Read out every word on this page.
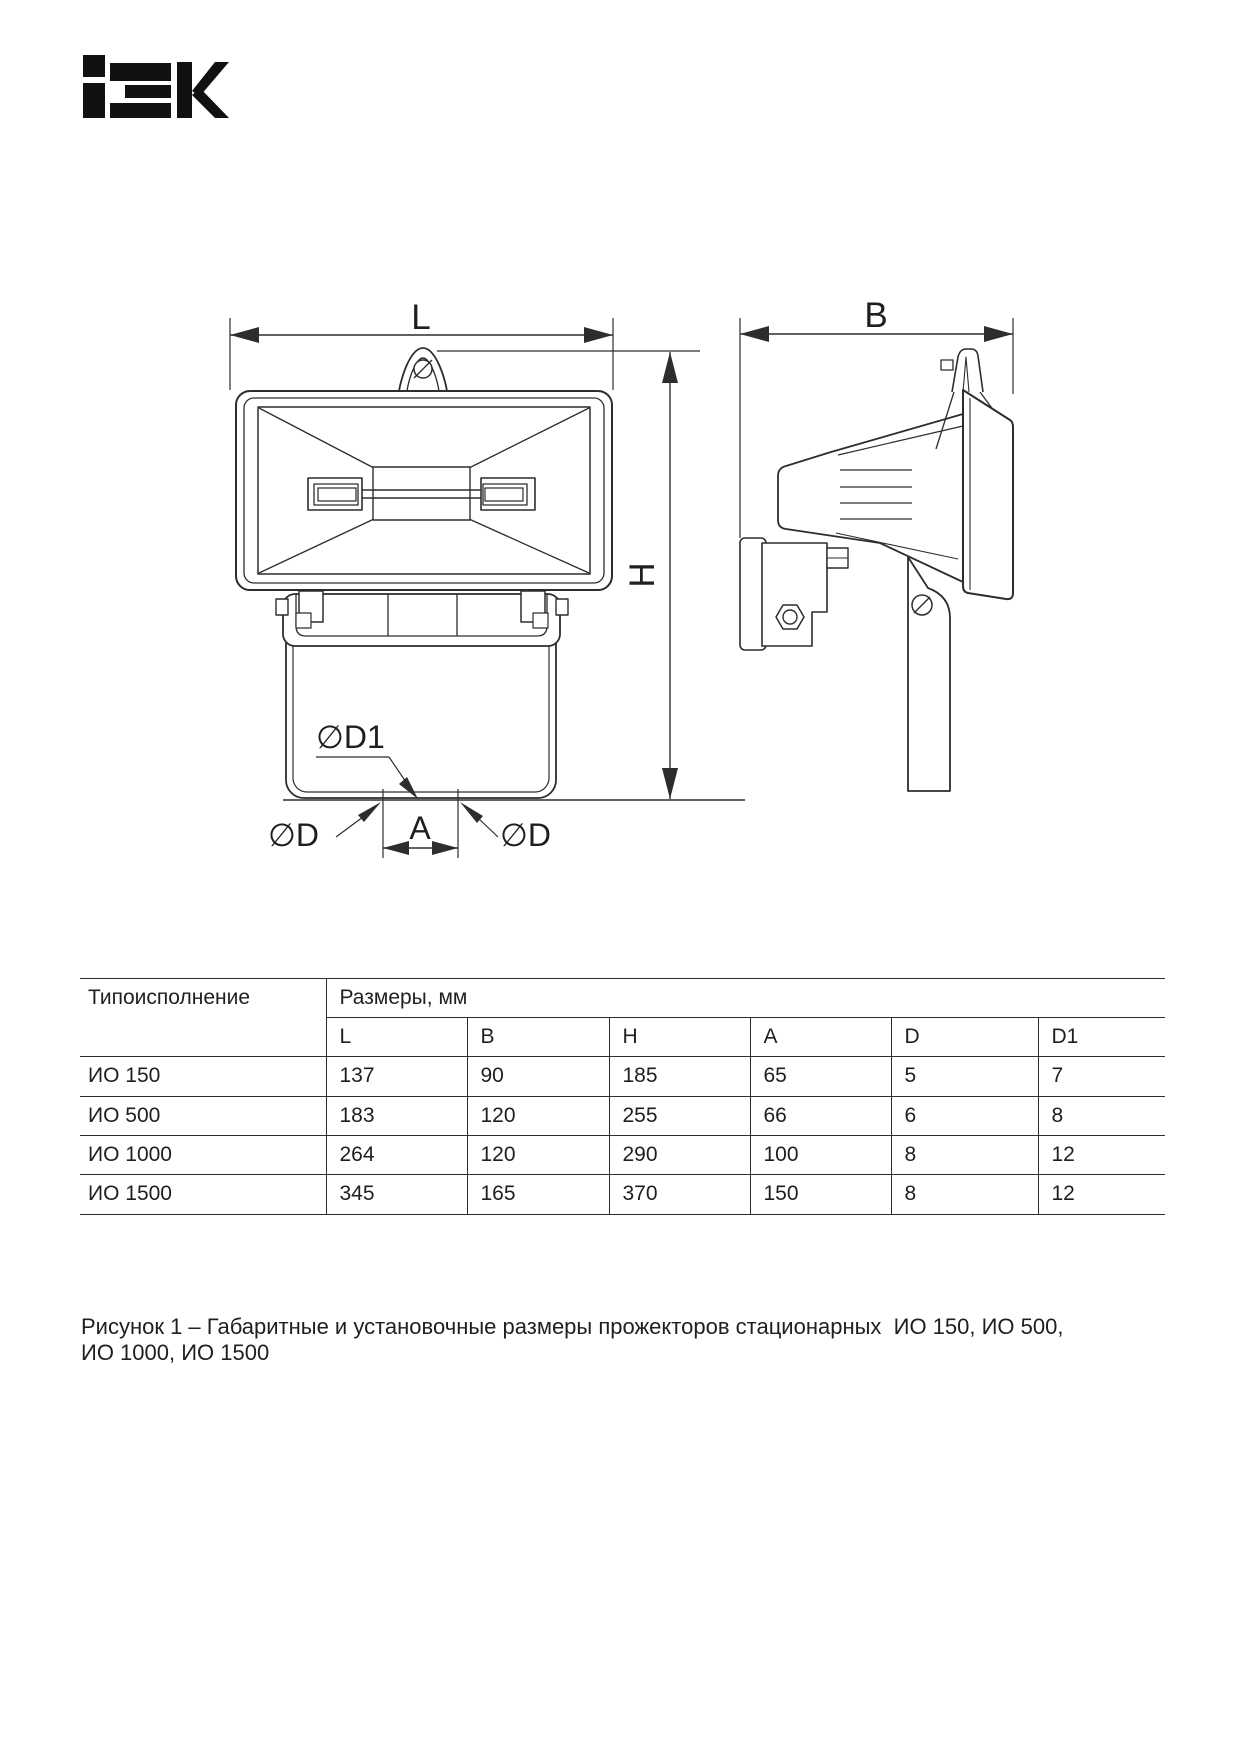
L
A
∅D	∅D
∅D1
H
B
Типоисполнение	Размеры, мм					
	L	B	H	A	D	D1
ИО 150	137	90	185	65	5	7
ИО 500	183	120	255	66	6	8
ИО 1000	264	120	290	100	8	12
ИО 1500	345	165	370	150	8	12
Рисунок 1 – Габаритные и установочные размеры прожекторов стационарных  ИО 150, ИО 500,
ИО 1000, ИО 1500
